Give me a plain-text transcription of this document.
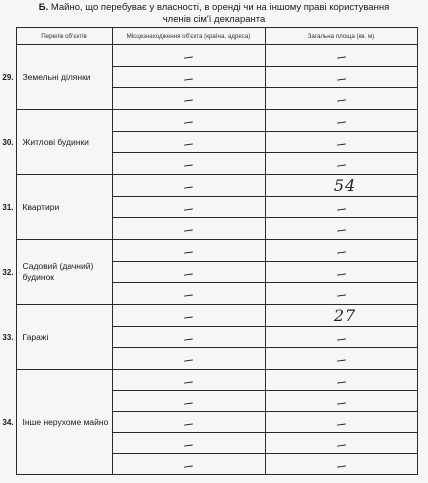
Б. Майно, що перебуває у власності, в оренді чи на іншому праві користування
членів сім'ї декларанта
	Перелік об'єктів	Місцезнаходження об'єкта (країна, адреса)	Загальна площа (кв. м)
29.	Земельні ділянки		

30.	Житлові будинки		

31.	Квартири		54

32.	Садовий (дачний) будинок		

33.	Гаражі		27

34.	Інше нерухоме майно		
